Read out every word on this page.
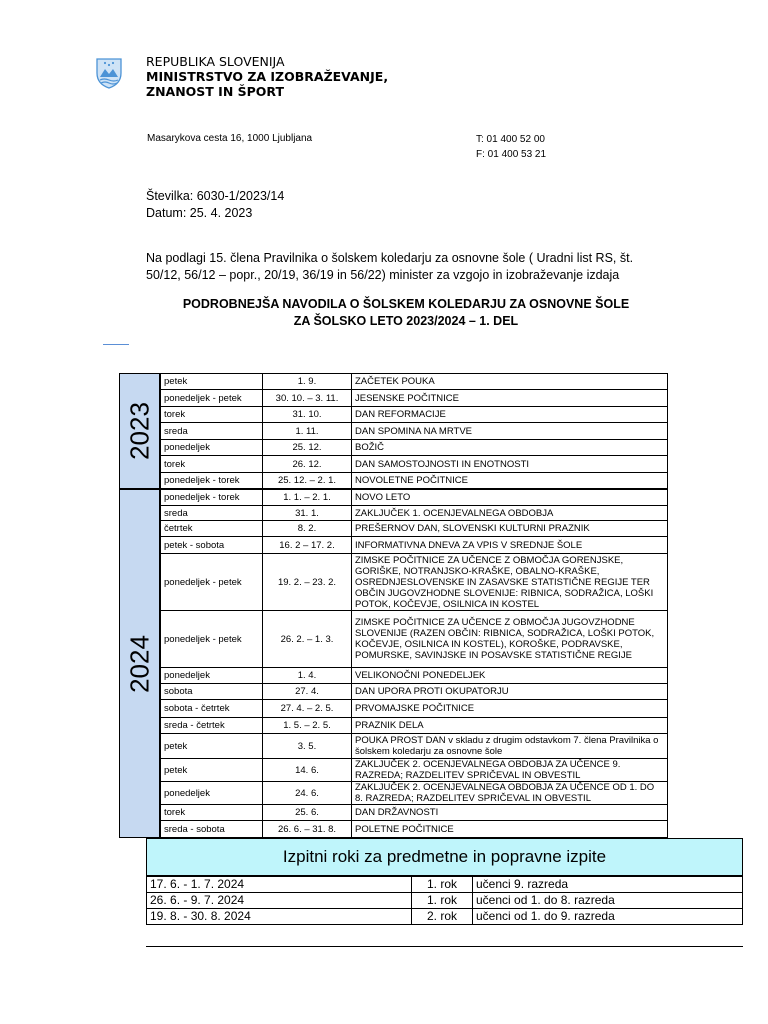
REPUBLIKA SLOVENIJA
MINISTRSTVO ZA IZOBRAŽEVANJE,
ZNANOST IN ŠPORT
Masarykova cesta 16, 1000 Ljubljana	T: 01 400 52 00
F: 01 400 53 21
Številka: 6030-1/2023/14
Datum: 25. 4. 2023
Na podlagi 15. člena Pravilnika o šolskem koledarju za osnovne šole ( Uradni list RS, št. 50/12, 56/12 – popr., 20/19, 36/19 in 56/22) minister za vzgojo in izobraževanje izdaja
PODROBNEJŠA NAVODILA O ŠOLSKEM KOLEDARJU ZA OSNOVNE ŠOLE
ZA ŠOLSKO LETO 2023/2024 – 1. DEL
2023
petek	1. 9.	ZAČETEK POUKA
ponedeljek - petek	30. 10. – 3. 11.	JESENSKE POČITNICE
torek	31. 10.	DAN REFORMACIJE
sreda	1. 11.	DAN SPOMINA NA MRTVE
ponedeljek	25. 12.	BOŽIČ
torek	26. 12.	DAN SAMOSTOJNOSTI IN ENOTNOSTI
ponedeljek - torek	25. 12. – 2. 1.	NOVOLETNE POČITNICE
2024
ponedeljek - torek	1. 1. – 2. 1.	NOVO LETO
sreda	31. 1.	ZAKLJUČEK 1. OCENJEVALNEGA OBDOBJA
četrtek	8. 2.	PREŠERNOV DAN, SLOVENSKI KULTURNI PRAZNIK
petek - sobota	16. 2 – 17. 2.	INFORMATIVNA DNEVA ZA VPIS V SREDNJE ŠOLE
ponedeljek - petek	19. 2. – 23. 2.	ZIMSKE POČITNICE ZA UČENCE Z OBMOČJA GORENJSKE, GORIŠKE, NOTRANJSKO-KRAŠKE, OBALNO-KRAŠKE, OSREDNJESLOVENSKE IN ZASAVSKE STATISTIČNE REGIJE TER OBČIN JUGOVZHODNE SLOVENIJE: RIBNICA, SODRAŽICA, LOŠKI POTOK, KOČEVJE, OSILNICA IN KOSTEL
ponedeljek - petek	26. 2. – 1. 3.	ZIMSKE POČITNICE ZA UČENCE Z OBMOČJA JUGOVZHODNE SLOVENIJE (RAZEN OBČIN: RIBNICA, SODRAŽICA, LOŠKI POTOK, KOČEVJE, OSILNICA IN KOSTEL), KOROŠKE, PODRAVSKE, POMURSKE, SAVINJSKE IN POSAVSKE STATISTIČNE REGIJE
ponedeljek	1. 4.	VELIKONOČNI PONEDELJEK
sobota	27. 4.	DAN UPORA PROTI OKUPATORJU
sobota - četrtek	27. 4. – 2. 5.	PRVOMAJSKE POČITNICE
sreda - četrtek	1. 5. – 2. 5.	PRAZNIK DELA
petek	3. 5.	POUKA PROST DAN v skladu z drugim odstavkom 7. člena Pravilnika o šolskem koledarju za osnovne šole
petek	14. 6.	ZAKLJUČEK 2. OCENJEVALNEGA OBDOBJA ZA UČENCE 9. RAZREDA; RAZDELITEV SPRIČEVAL IN OBVESTIL
ponedeljek	24. 6.	ZAKLJUČEK 2. OCENJEVALNEGA OBDOBJA ZA UČENCE OD 1. DO 8. RAZREDA; RAZDELITEV SPRIČEVAL IN OBVESTIL
torek	25. 6.	DAN DRŽAVNOSTI
sreda - sobota	26. 6. – 31. 8.	POLETNE POČITNICE
Izpitni roki za predmetne in popravne izpite
17. 6. - 1. 7. 2024	1. rok	učenci 9. razreda
26. 6. - 9. 7. 2024	1. rok	učenci od 1. do 8. razreda
19. 8. - 30. 8. 2024	2. rok	učenci od 1. do 9. razreda
